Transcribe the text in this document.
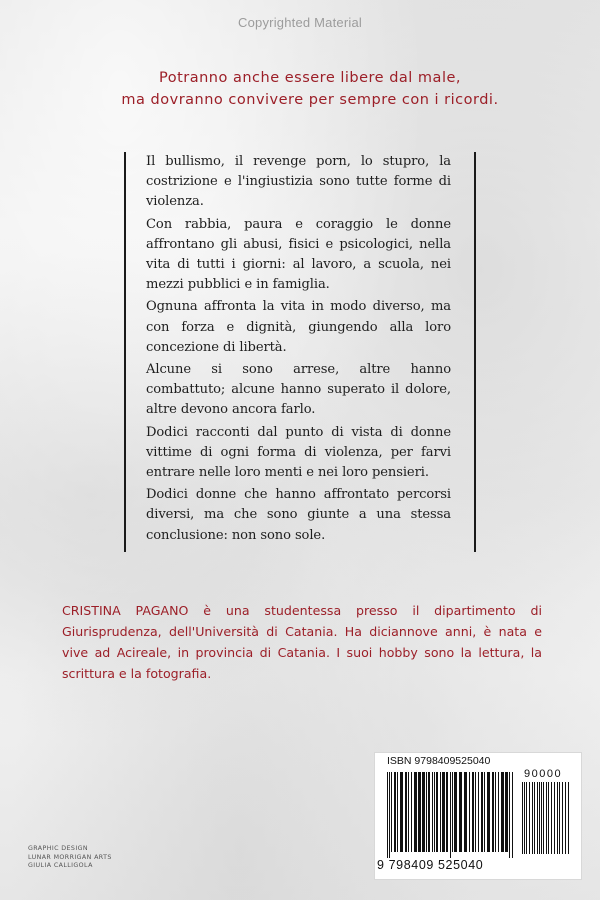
Copyrighted Material
Potranno anche essere libere dal male,
ma dovranno convivere per sempre con i ricordi.

Il bullismo, il revenge porn, lo stupro, la costrizione e l'ingiustizia sono tutte forme di violenza.

Con rabbia, paura e coraggio le donne affrontano gli abusi, fisici e psicologici, nella vita di tutti i giorni: al lavoro, a scuola, nei mezzi pubblici e in famiglia.

Ognuna affronta la vita in modo diverso, ma con forza e dignità, giungendo alla loro concezione di libertà.

Alcune si sono arrese, altre hanno combattuto; alcune hanno superato il dolore, altre devono ancora farlo.

Dodici racconti dal punto di vista di donne vittime di ogni forma di violenza, per farvi entrare nelle loro menti e nei loro pensieri.

Dodici donne che hanno affrontato percorsi diversi, ma che sono giunte a una stessa conclusione: non sono sole.

CRISTINA PAGANO è una studentessa presso il dipartimento di Giurisprudenza, dell'Università di Catania. Ha diciannove anni, è nata e vive ad Acireale, in provincia di Catania. I suoi hobby sono la lettura, la scrittura e la fotografia.

GRAPHIC DESIGN
LUNAR MORRIGAN ARTS
GIULIA CALLIGOLA
ISBN 9798409525040
90000
9 798409 525040
